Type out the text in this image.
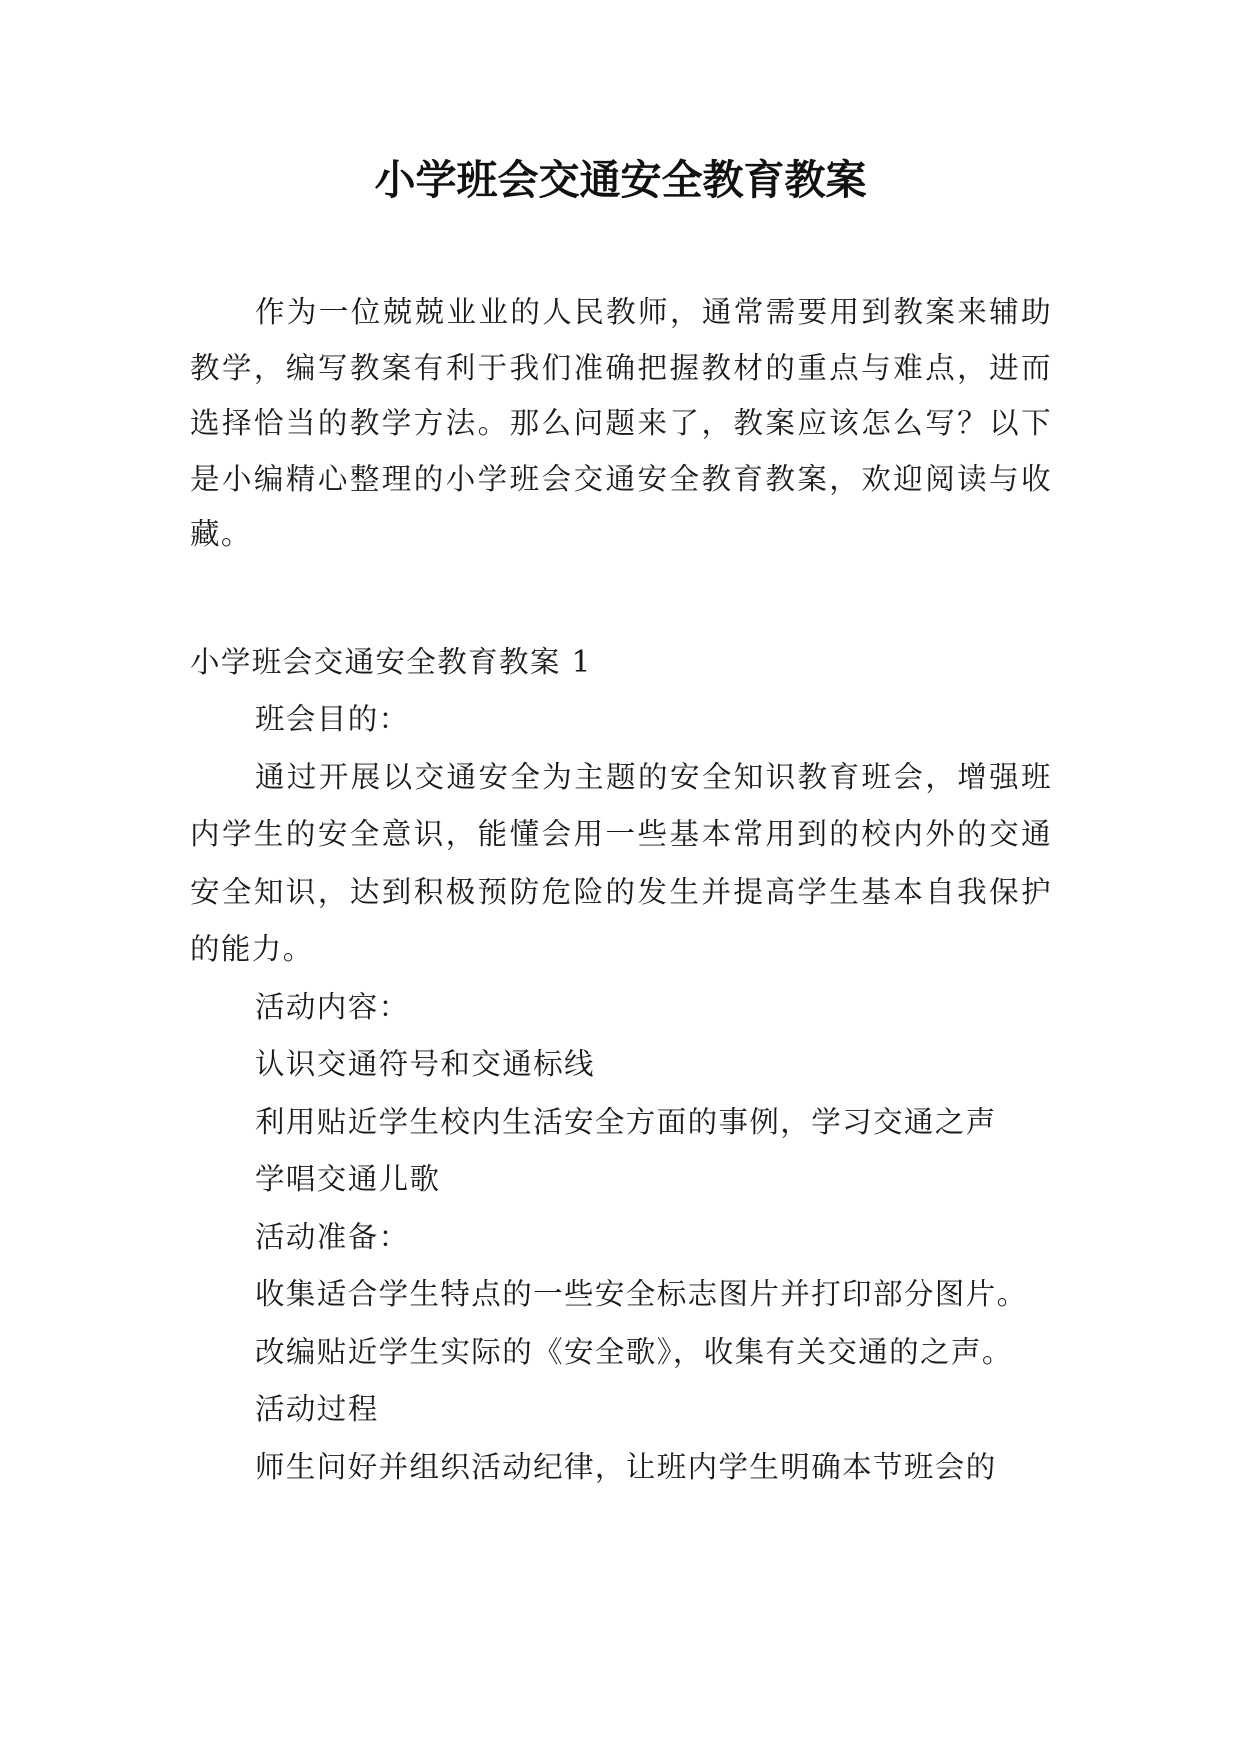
小学班会交通安全教育教案

作为一位兢兢业业的人民教师，通常需要用到教案来辅助教学，编写教案有利于我们准确把握教材的重点与难点，进而选择恰当的教学方法。那么问题来了，教案应该怎么写？以下是小编精心整理的小学班会交通安全教育教案，欢迎阅读与收藏。

小学班会交通安全教育教案 1

班会目的：

通过开展以交通安全为主题的安全知识教育班会，增强班内学生的安全意识，能懂会用一些基本常用到的校内外的交通安全知识，达到积极预防危险的发生并提高学生基本自我保护的能力。

活动内容：

认识交通符号和交通标线

利用贴近学生校内生活安全方面的事例，学习交通之声

学唱交通儿歌

活动准备：

收集适合学生特点的一些安全标志图片并打印部分图片。

改编贴近学生实际的《安全歌》，收集有关交通的之声。

活动过程

师生问好并组织活动纪律，让班内学生明确本节班会的
